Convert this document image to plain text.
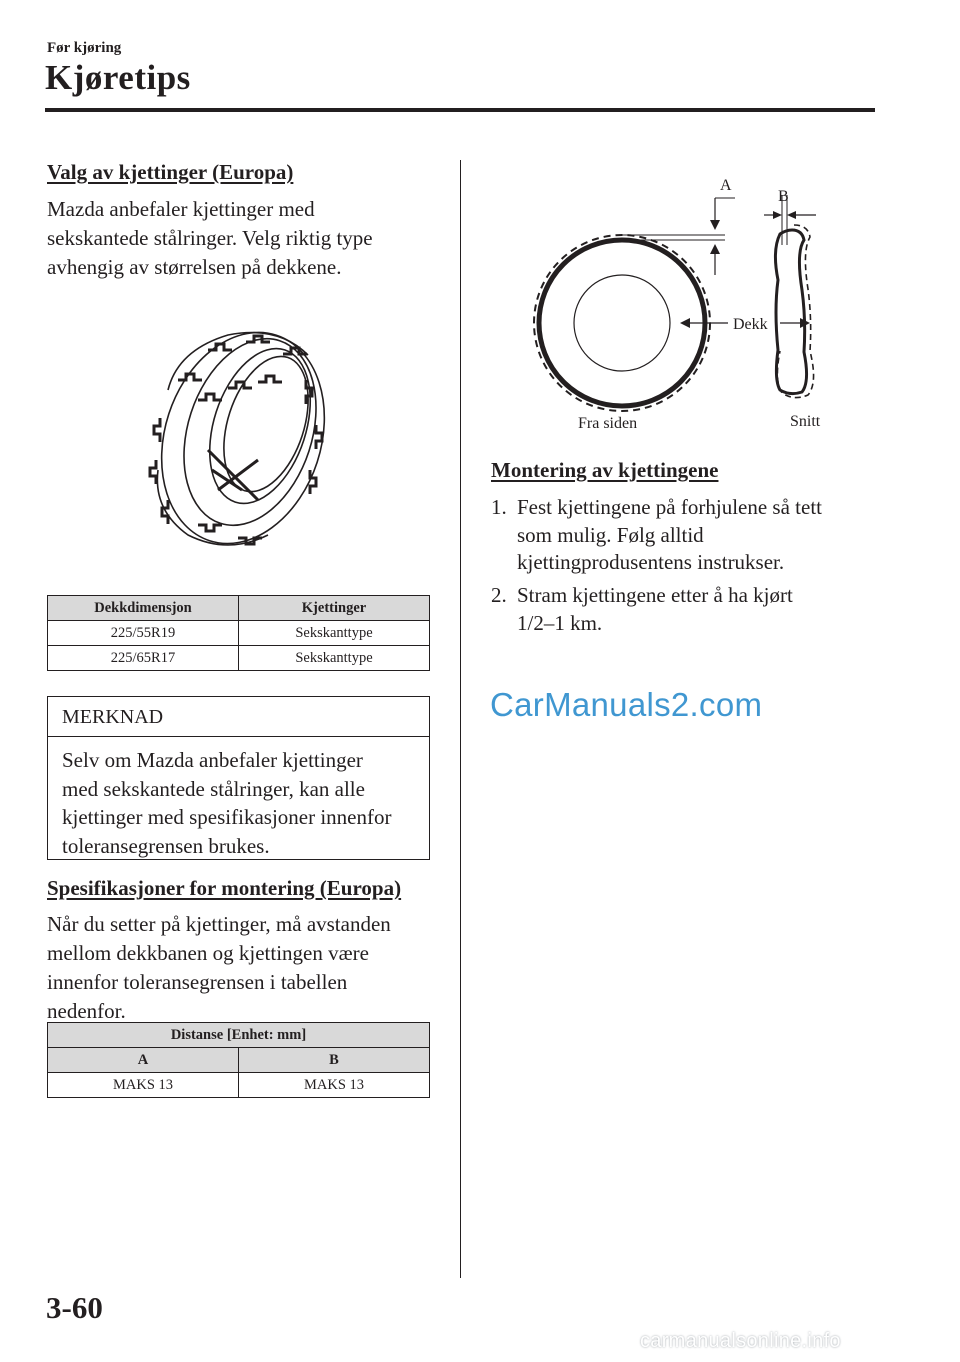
Før kjøring
Kjøretips
Valg av kjettinger (Europa)
Mazda anbefaler kjettinger med
sekskantede stålringer. Velg riktig type
avhengig av størrelsen på dekkene.
Dekkdimensjon	Kjettinger
225/55R19	Sekskanttype
225/65R17	Sekskanttype
MERKNAD
Selv om Mazda anbefaler kjettinger
med sekskantede stålringer, kan alle
kjettinger med spesifikasjoner innenfor
toleransegrensen brukes.
Spesifikasjoner for montering (Europa)
Når du setter på kjettinger, må avstanden
mellom dekkbanen og kjettingen være
innenfor toleransegrensen i tabellen
nedenfor.
Distanse [Enhet: mm]	
A	B
MAKS 13	MAKS 13
A
B
Dekk
Fra siden	Snitt
Montering av kjettingene
1. Fest kjettingene på forhjulene så tett
som mulig. Følg alltid
kjettingprodusentens instrukser.
2. Stram kjettingene etter å ha kjørt
1/2–1 km.
CarManuals2.com
3-60
carmanualsonline.info
